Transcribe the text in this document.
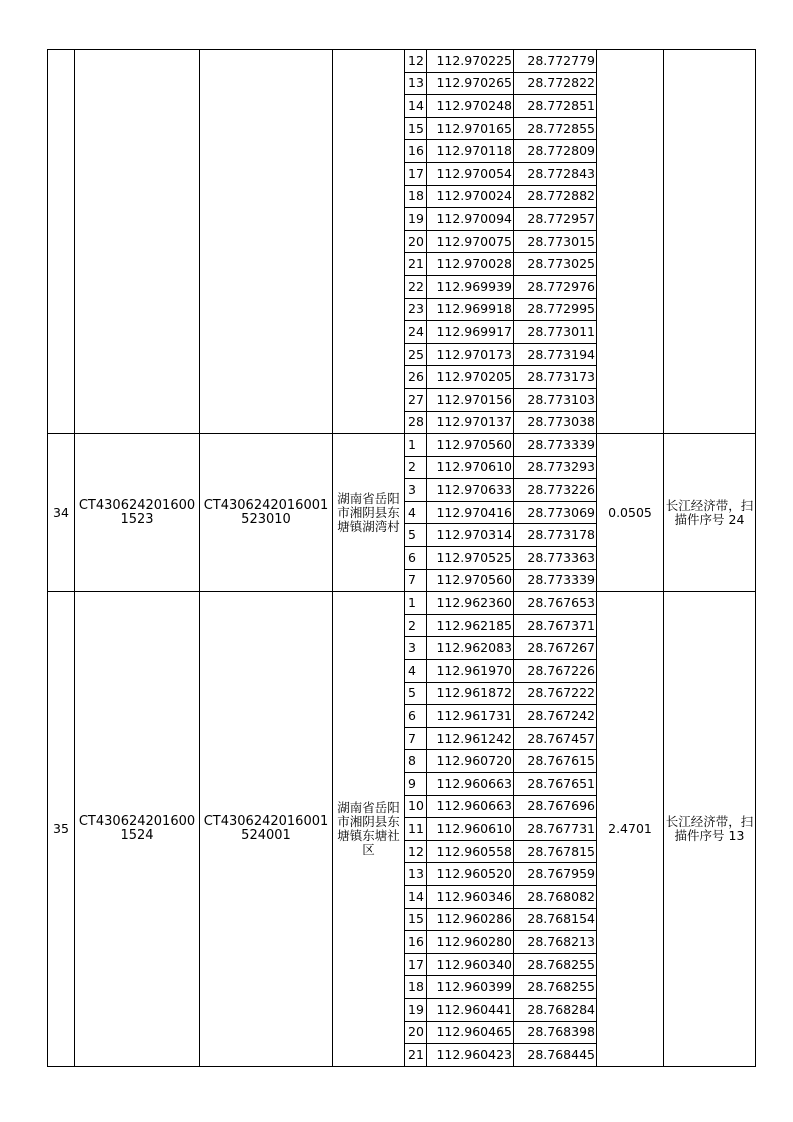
				12	112.970225	28.772779		
				13	112.970265	28.772822		
				14	112.970248	28.772851		
				15	112.970165	28.772855		
				16	112.970118	28.772809		
				17	112.970054	28.772843		
				18	112.970024	28.772882		
				19	112.970094	28.772957		
				20	112.970075	28.773015		
				21	112.970028	28.773025		
				22	112.969939	28.772976		
				23	112.969918	28.772995		
				24	112.969917	28.773011		
				25	112.970173	28.773194		
				26	112.970205	28.773173		
				27	112.970156	28.773103		
				28	112.970137	28.773038		
34	CT4306242016001523	CT4306242016001523010	湖南省岳阳市湘阴县东塘镇湖湾村	1	112.970560	28.773339	0.0505	长江经济带，扫描件序号 24
				2	112.970610	28.773293		
				3	112.970633	28.773226		
				4	112.970416	28.773069		
				5	112.970314	28.773178		
				6	112.970525	28.773363		
				7	112.970560	28.773339		
35	CT4306242016001524	CT4306242016001524001	湖南省岳阳市湘阴县东塘镇东塘社区	1	112.962360	28.767653	2.4701	长江经济带，扫描件序号 13
				2	112.962185	28.767371		
				3	112.962083	28.767267		
				4	112.961970	28.767226		
				5	112.961872	28.767222		
				6	112.961731	28.767242		
				7	112.961242	28.767457		
				8	112.960720	28.767615		
				9	112.960663	28.767651		
				10	112.960663	28.767696		
				11	112.960610	28.767731		
				12	112.960558	28.767815		
				13	112.960520	28.767959		
				14	112.960346	28.768082		
				15	112.960286	28.768154		
				16	112.960280	28.768213		
				17	112.960340	28.768255		
				18	112.960399	28.768255		
				19	112.960441	28.768284		
				20	112.960465	28.768398		
				21	112.960423	28.768445		
